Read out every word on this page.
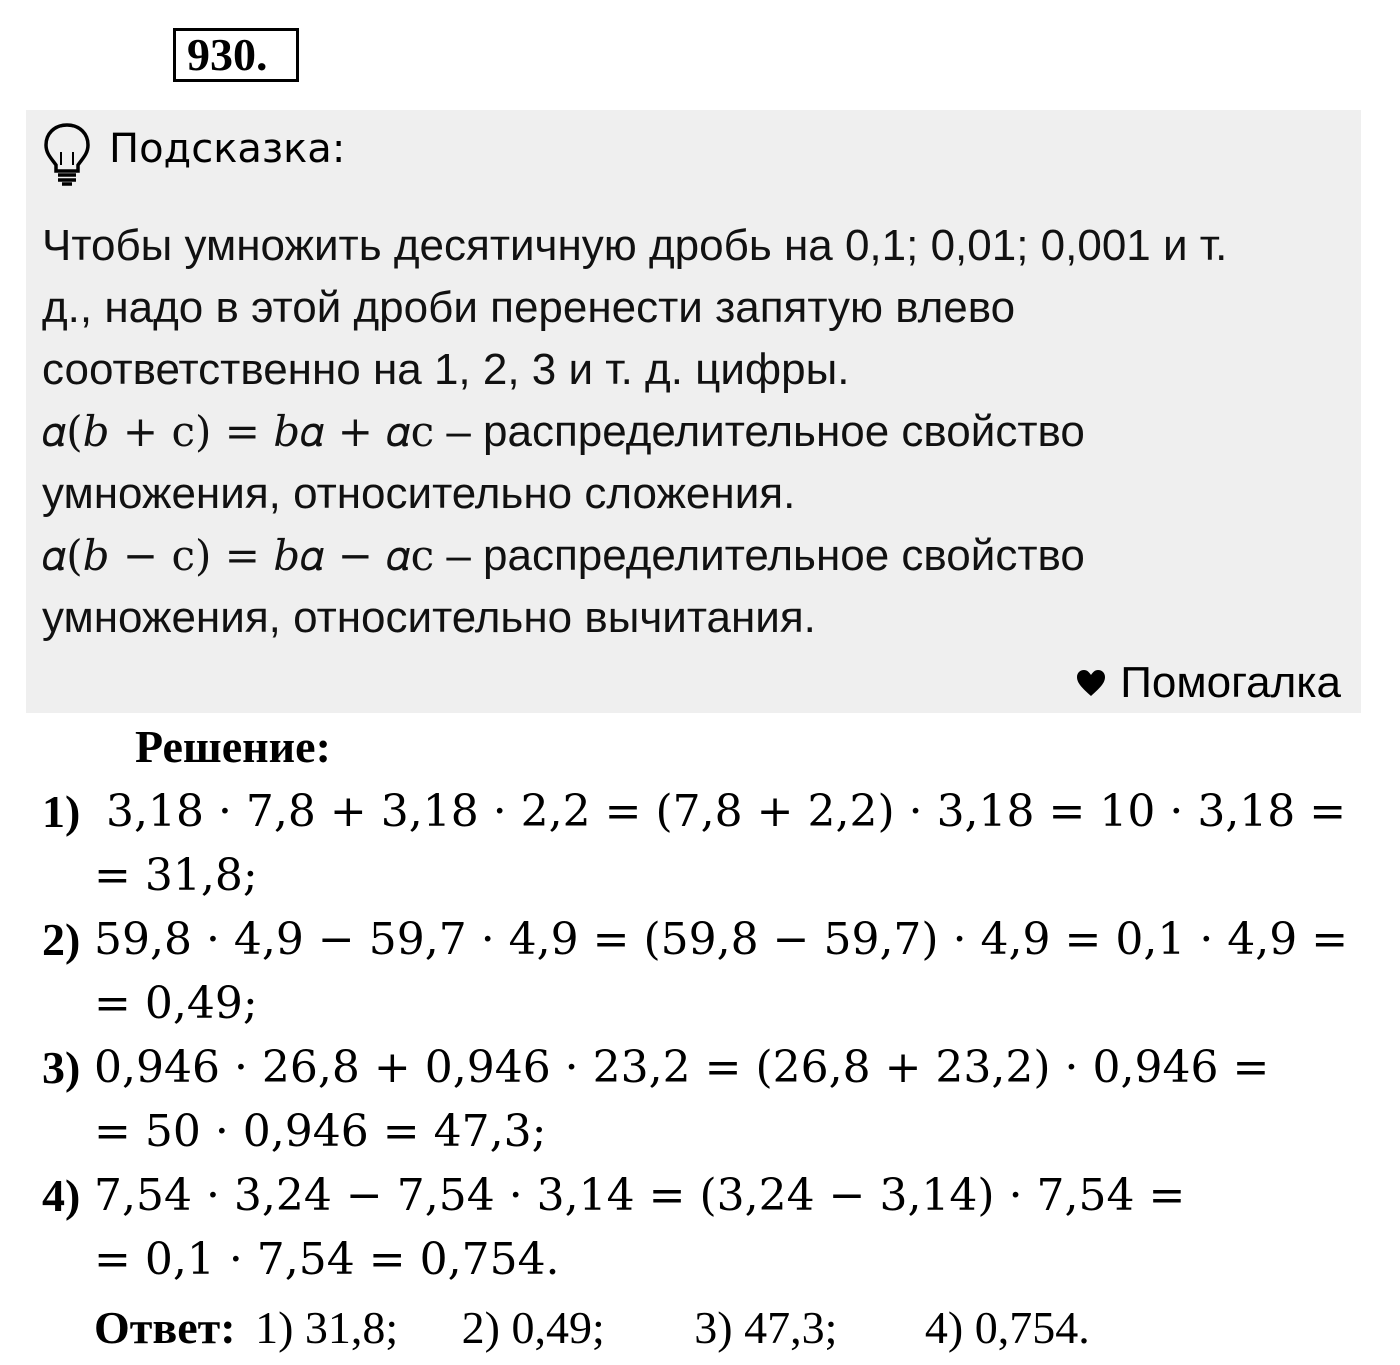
930.
Подсказка:
Чтобы умножить десятичную дробь на 0,1; 0,01; 0,001 и т.
д., надо в этой дроби перенести запятую влево
соответственно на 1, 2, 3 и т. д. цифры.
𝛼(𝑏 + c) = 𝑏𝛼 + 𝛼c – распределительное свойство
умножения, относительно сложения.
𝛼(𝑏 − c) = 𝑏𝛼 − 𝛼c – распределительное свойство
умножения, относительно вычитания.
Помогалка
Решение:
1) 3,18 · 7,8 + 3,18 · 2,2 = (7,8 + 2,2) · 3,18 = 10 · 3,18 =
= 31,8;
2) 59,8 · 4,9 − 59,7 · 4,9 = (59,8 − 59,7) · 4,9 = 0,1 · 4,9 =
= 0,49;
3) 0,946 · 26,8 + 0,946 · 23,2 = (26,8 + 23,2) · 0,946 =
= 50 · 0,946 = 47,3;
4) 7,54 · 3,24 − 7,54 · 3,14 = (3,24 − 3,14) · 7,54 =
= 0,1 · 7,54 = 0,754.
Ответ: 1) 31,8; 2) 0,49; 3) 47,3; 4) 0,754.
